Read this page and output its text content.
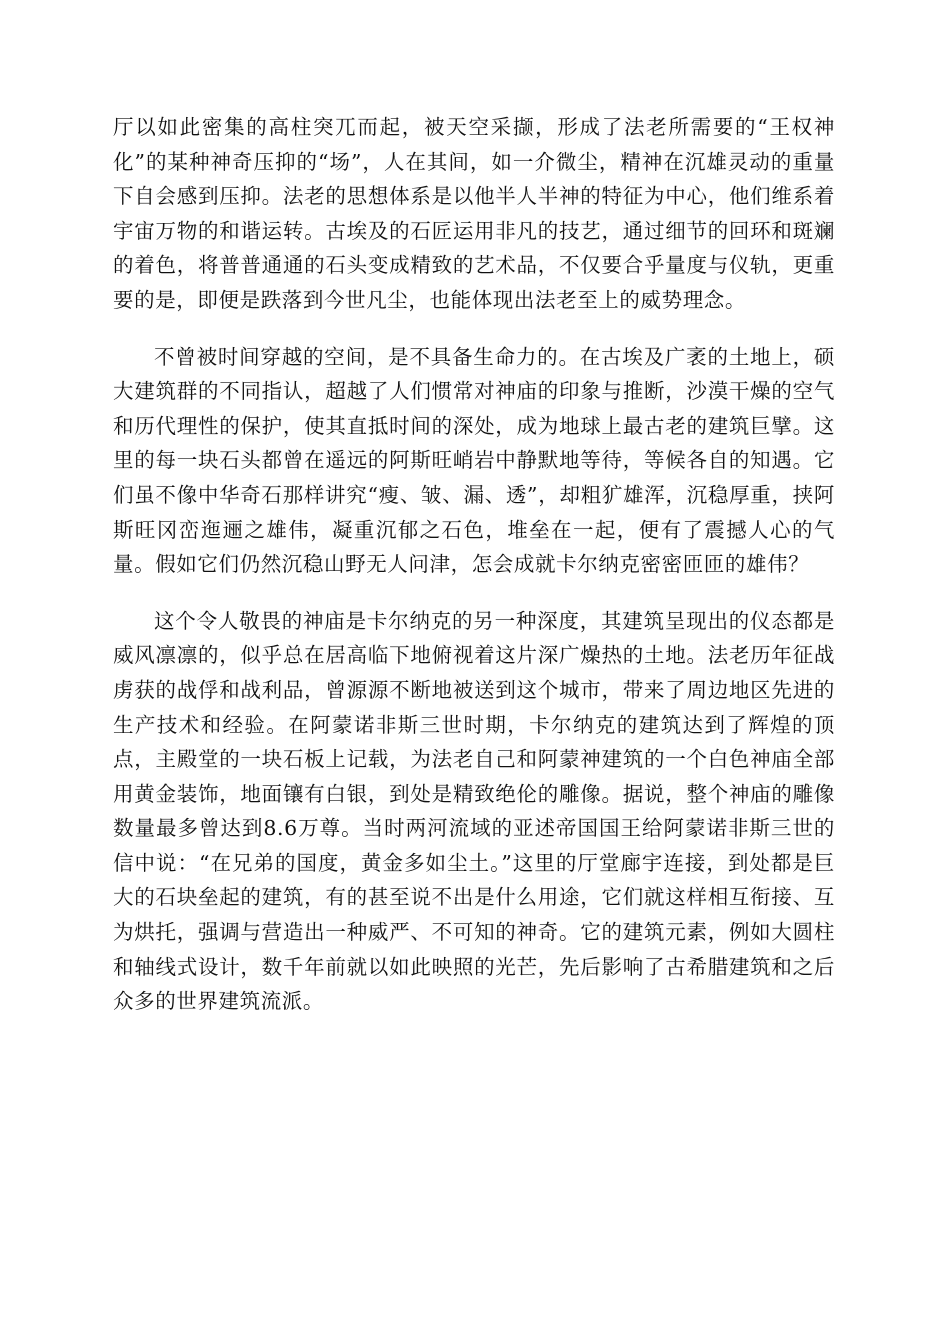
厅以如此密集的高柱突兀而起，被天空采撷，形成了法老所需要的“王权神化”的某种神奇压抑的“场”，人在其间，如一介微尘，精神在沉雄灵动的重量下自会感到压抑。法老的思想体系是以他半人半神的特征为中心，他们维系着宇宙万物的和谐运转。古埃及的石匠运用非凡的技艺，通过细节的回环和斑斓的着色，将普普通通的石头变成精致的艺术品，不仅要合乎量度与仪轨，更重要的是，即便是跌落到今世凡尘，也能体现出法老至上的威势理念。

不曾被时间穿越的空间，是不具备生命力的。在古埃及广袤的土地上，硕大建筑群的不同指认，超越了人们惯常对神庙的印象与推断，沙漠干燥的空气和历代理性的保护，使其直抵时间的深处，成为地球上最古老的建筑巨擘。这里的每一块石头都曾在遥远的阿斯旺峭岩中静默地等待，等候各自的知遇。它们虽不像中华奇石那样讲究“瘦、皱、漏、透”，却粗犷雄浑，沉稳厚重，挟阿斯旺冈峦迤逦之雄伟，凝重沉郁之石色，堆垒在一起，便有了震撼人心的气量。假如它们仍然沉稳山野无人问津，怎会成就卡尔纳克密密匝匝的雄伟？

这个令人敬畏的神庙是卡尔纳克的另一种深度，其建筑呈现出的仪态都是威风凛凛的，似乎总在居高临下地俯视着这片深广燥热的土地。法老历年征战虏获的战俘和战利品，曾源源不断地被送到这个城市，带来了周边地区先进的生产技术和经验。在阿蒙诺非斯三世时期，卡尔纳克的建筑达到了辉煌的顶点，主殿堂的一块石板上记载，为法老自己和阿蒙神建筑的一个白色神庙全部用黄金装饰，地面镶有白银，到处是精致绝伦的雕像。据说，整个神庙的雕像数量最多曾达到8.6万尊。当时两河流域的亚述帝国国王给阿蒙诺非斯三世的信中说：“在兄弟的国度，黄金多如尘土。”这里的厅堂廊宇连接，到处都是巨大的石块垒起的建筑，有的甚至说不出是什么用途，它们就这样相互衔接、互为烘托，强调与营造出一种威严、不可知的神奇。它的建筑元素，例如大圆柱和轴线式设计，数千年前就以如此映照的光芒，先后影响了古希腊建筑和之后众多的世界建筑流派。
